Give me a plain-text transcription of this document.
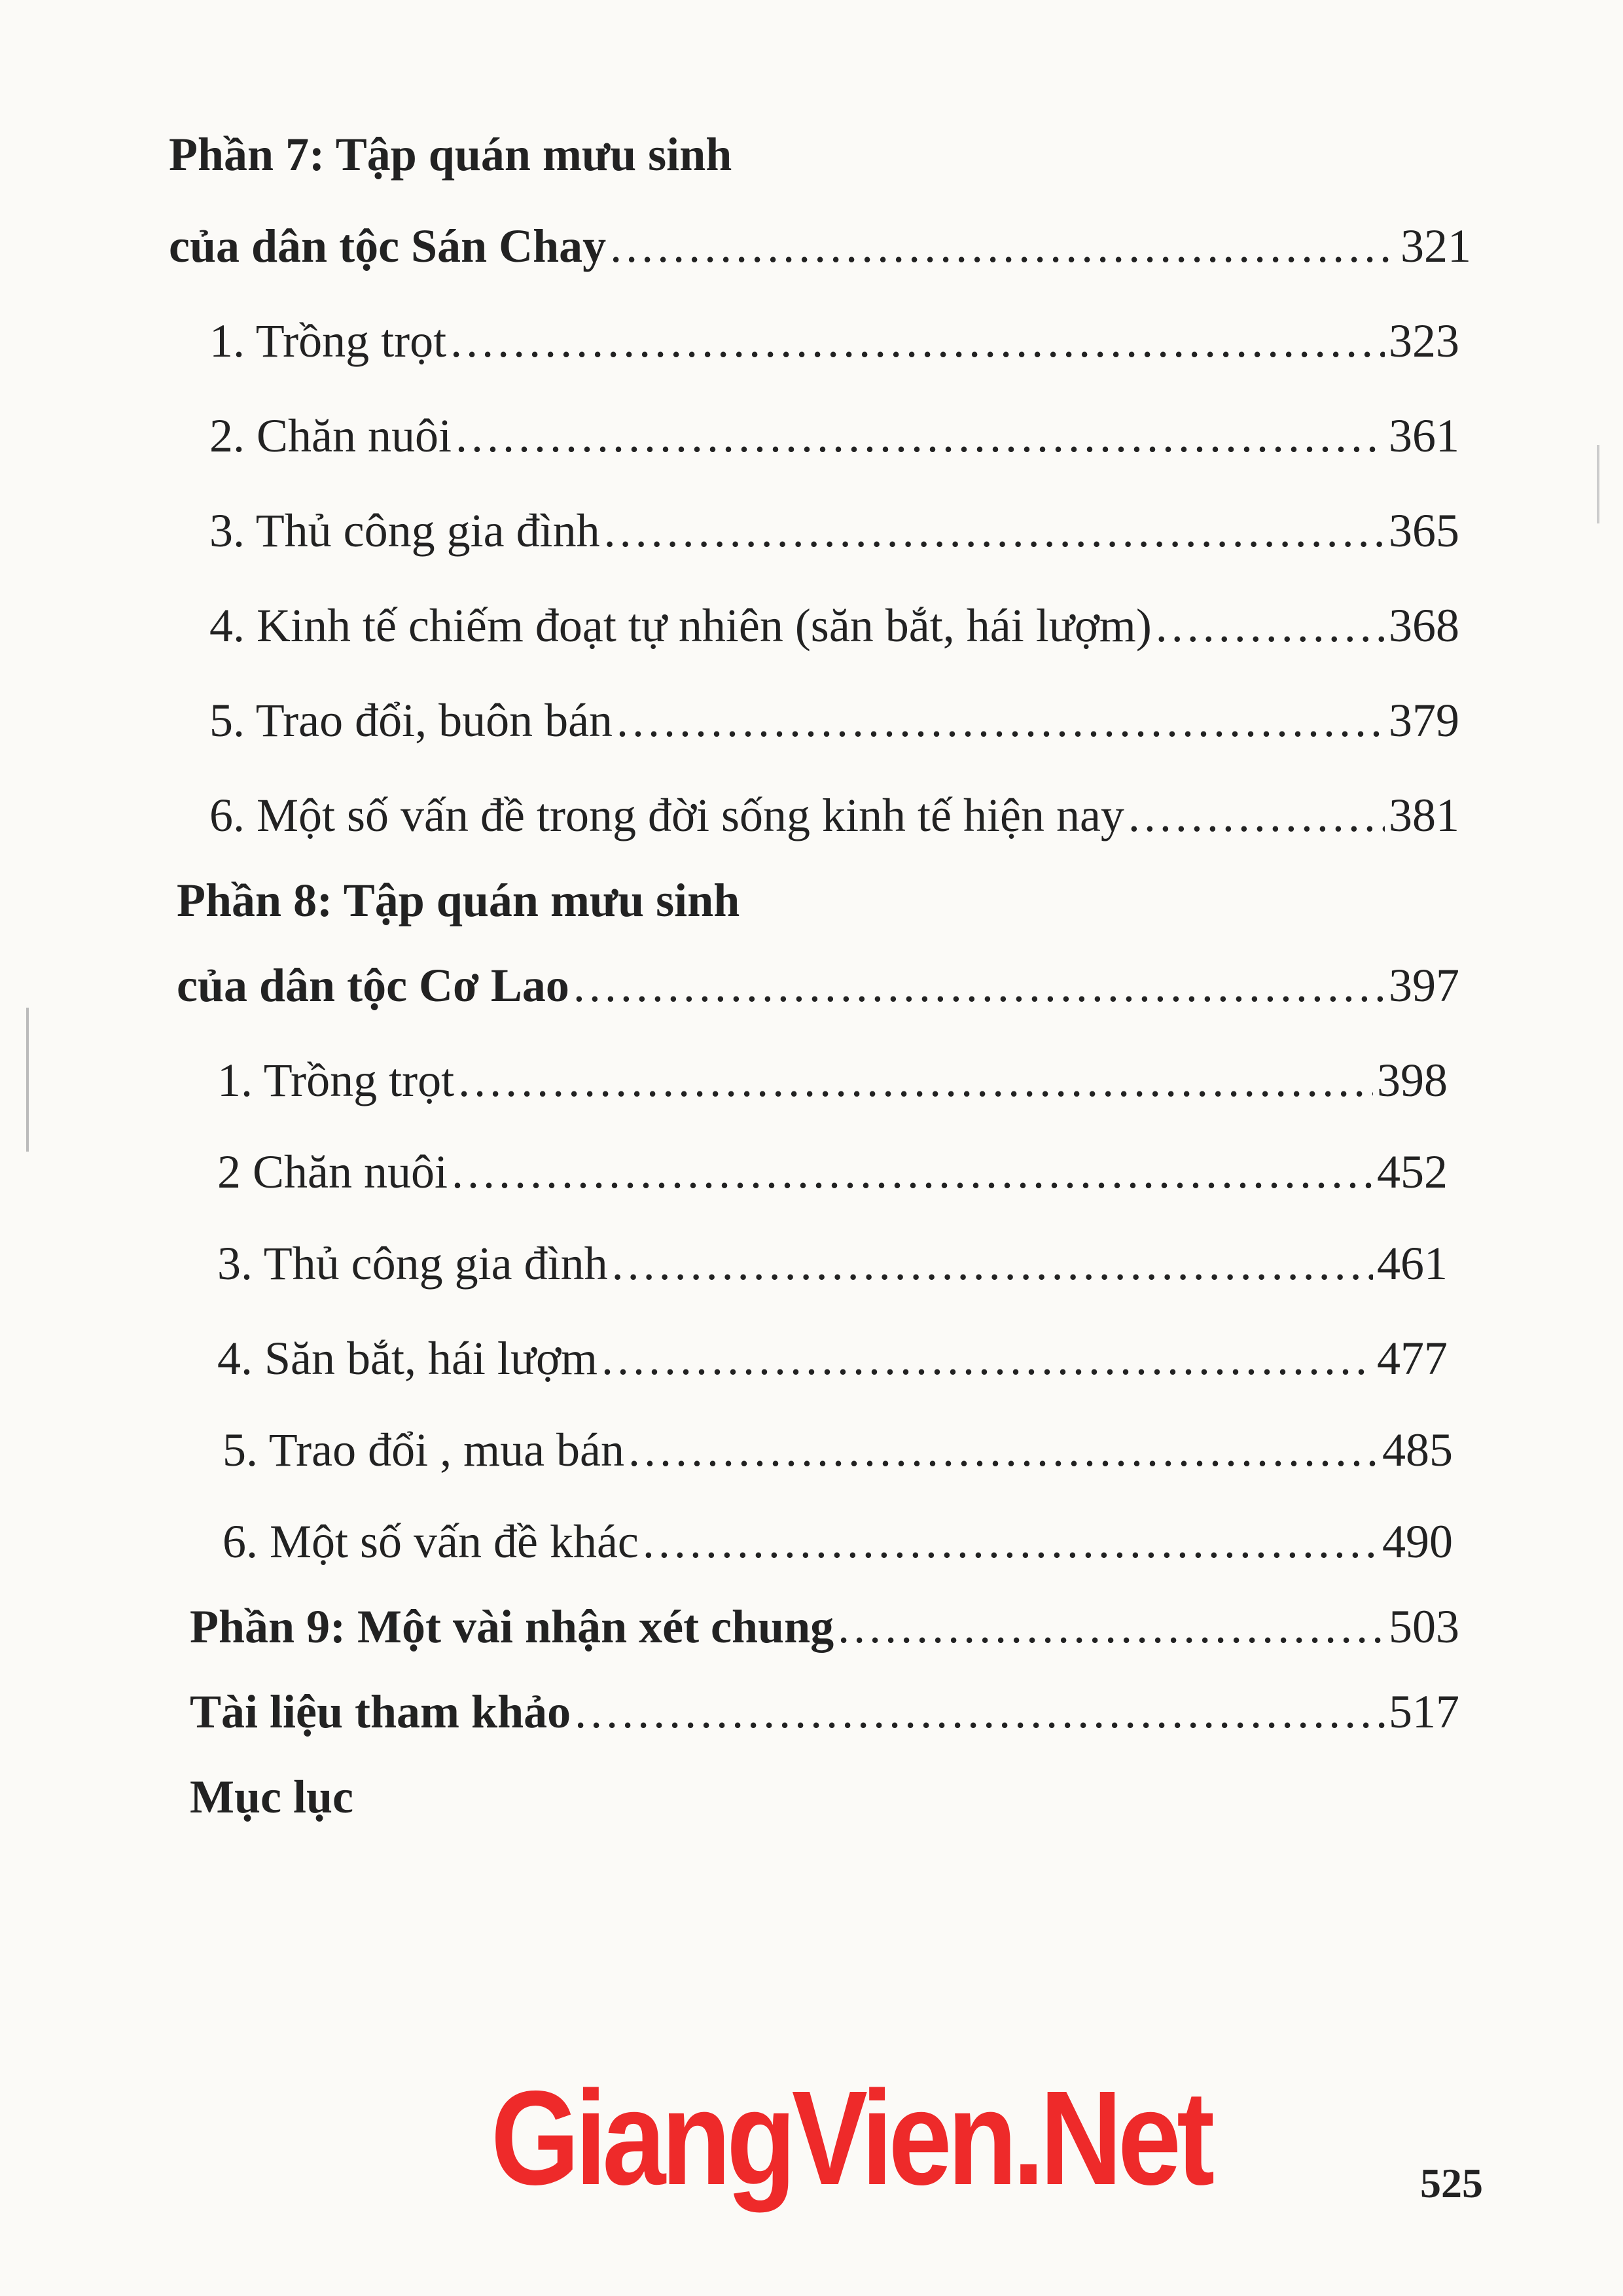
Phần 7: Tập quán mưu sinh
của dân tộc Sán Chay .....	321
1. Trồng trọt .....	323
2. Chăn nuôi .....	361
3. Thủ công gia đình .....	365
4. Kinh tế chiếm đoạt tự nhiên (săn bắt, hái lượm) .....	368
5. Trao đổi, buôn bán .....	379
6. Một số vấn đề trong đời sống kinh tế hiện nay .....	381
Phần 8: Tập quán mưu sinh
của dân tộc Cơ Lao .....	397
1. Trồng trọt .....	398
2 Chăn nuôi .....	452
3. Thủ công gia đình .....	461
4. Săn bắt, hái lượm .....	477
5. Trao đổi , mua bán .....	485
6. Một số vấn đề khác .....	490
Phần 9: Một vài nhận xét chung .....	503
Tài liệu tham khảo .....	517
Mục lục
GiangVien.Net	525
